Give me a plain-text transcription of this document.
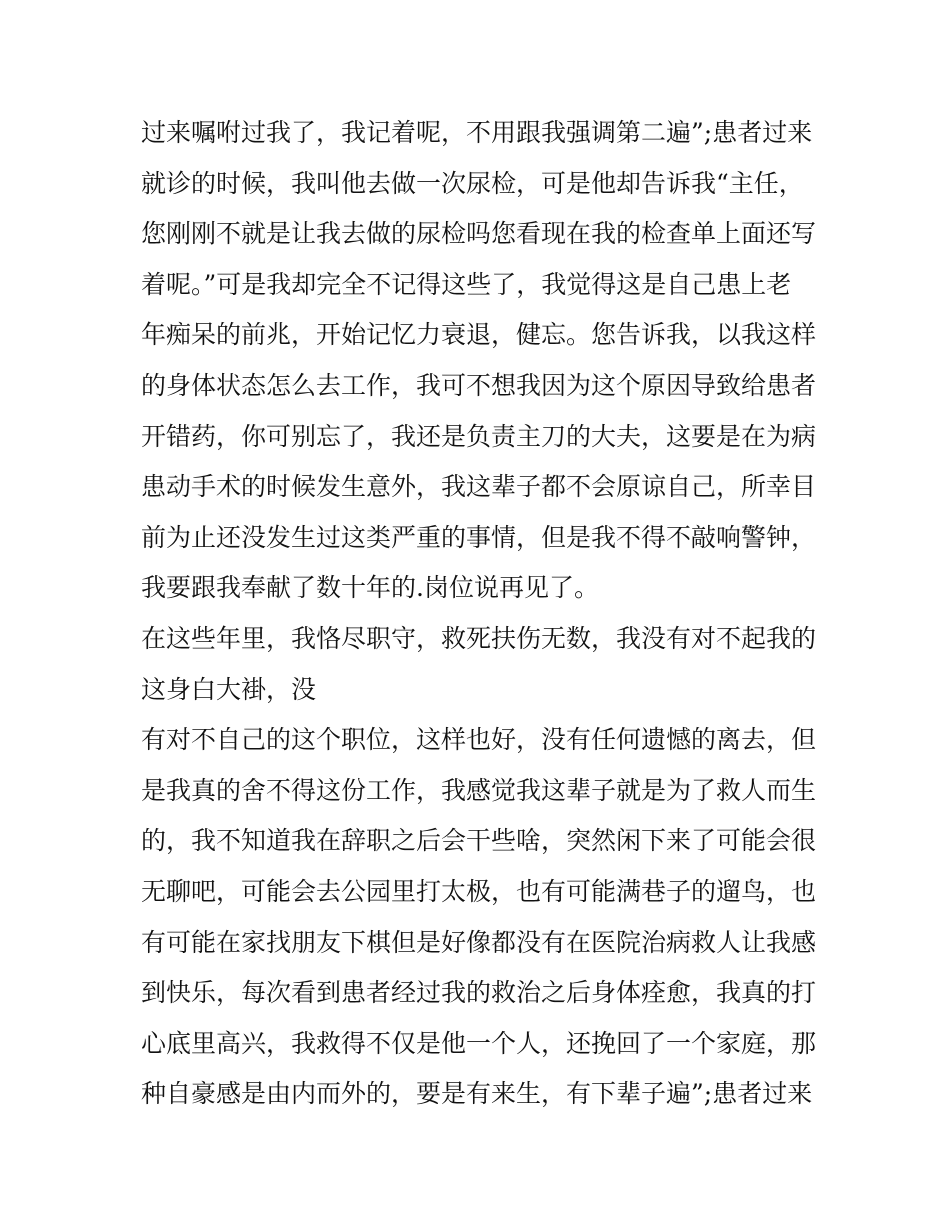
过来嘱咐过我了，我记着呢，不用跟我强调第二遍”;患者过来
就诊的时候，我叫他去做一次尿检，可是他却告诉我“主任，
您刚刚不就是让我去做的尿检吗您看现在我的检查单上面还写
着呢。”可是我却完全不记得这些了，我觉得这是自己患上老
年痴呆的前兆，开始记忆力衰退，健忘。您告诉我，以我这样
的身体状态怎么去工作，我可不想我因为这个原因导致给患者
开错药，你可别忘了，我还是负责主刀的大夫，这要是在为病
患动手术的时候发生意外，我这辈子都不会原谅自己，所幸目
前为止还没发生过这类严重的事情，但是我不得不敲响警钟，
我要跟我奉献了数十年的.岗位说再见了。
在这些年里，我恪尽职守，救死扶伤无数，我没有对不起我的
这身白大褂，没
有对不自己的这个职位，这样也好，没有任何遗憾的离去，但
是我真的舍不得这份工作，我感觉我这辈子就是为了救人而生
的，我不知道我在辞职之后会干些啥，突然闲下来了可能会很
无聊吧，可能会去公园里打太极，也有可能满巷子的遛鸟，也
有可能在家找朋友下棋但是好像都没有在医院治病救人让我感
到快乐，每次看到患者经过我的救治之后身体痊愈，我真的打
心底里高兴，我救得不仅是他一个人，还挽回了一个家庭，那
种自豪感是由内而外的，要是有来生，有下辈子遍”;患者过来
